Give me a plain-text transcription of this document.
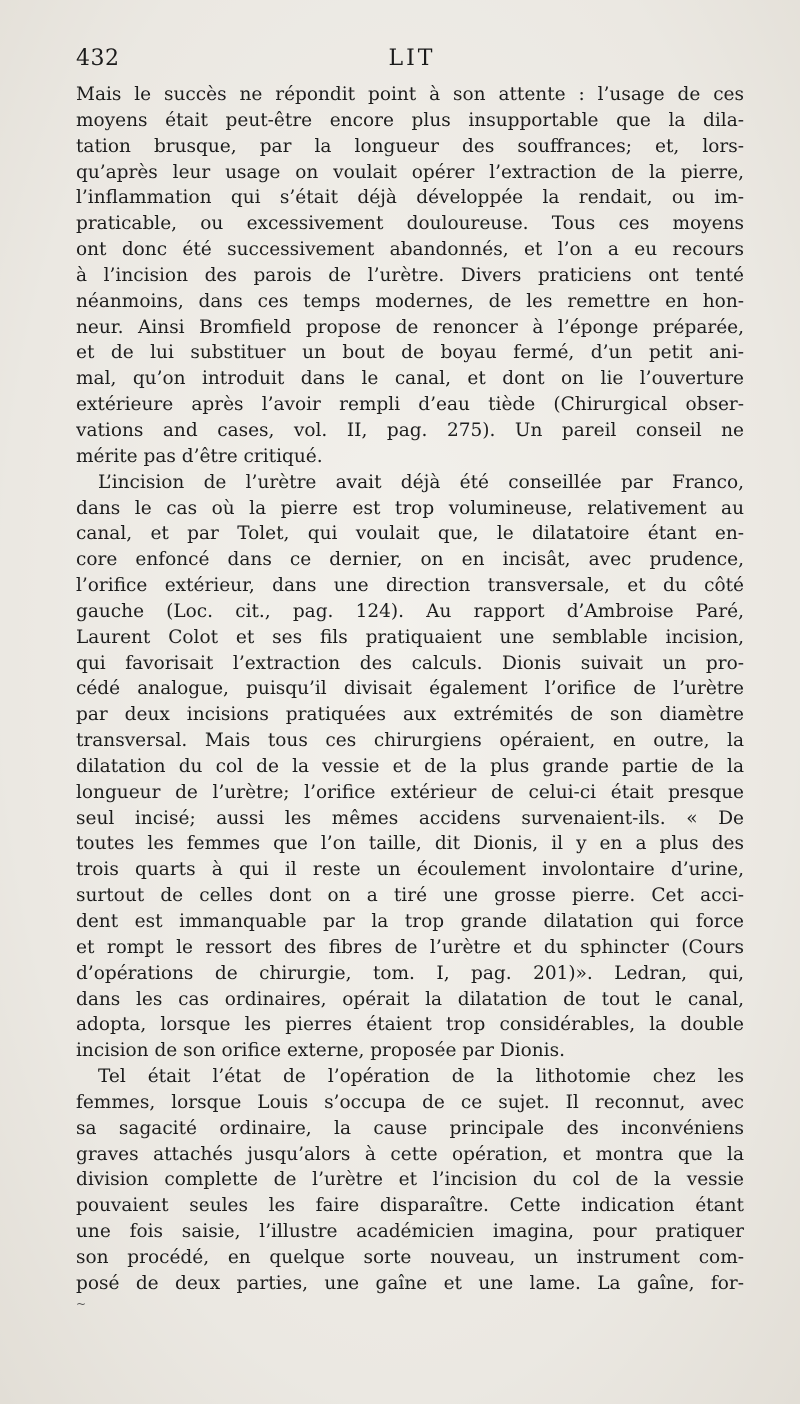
432	LIT
Mais le succès ne répondit point à son attente : l’usage de ces
moyens était peut-être encore plus insupportable que la dila-
tation brusque, par la longueur des souffrances; et, lors-
qu’après leur usage on voulait opérer l’extraction de la pierre,
l’inflammation qui s’était déjà développée la rendait, ou im-
praticable, ou excessivement douloureuse. Tous ces moyens
ont donc été successivement abandonnés, et l’on a eu recours
à l’incision des parois de l’urètre. Divers praticiens ont tenté
néanmoins, dans ces temps modernes, de les remettre en hon-
neur. Ainsi Bromfield propose de renoncer à l’éponge préparée,
et de lui substituer un bout de boyau fermé, d’un petit ani-
mal, qu’on introduit dans le canal, et dont on lie l’ouverture
extérieure après l’avoir rempli d’eau tiède (Chirurgical obser-
vations and cases, vol. II, pag. 275). Un pareil conseil ne
mérite pas d’être critiqué.
L’incision de l’urètre avait déjà été conseillée par Franco,
dans le cas où la pierre est trop volumineuse, relativement au
canal, et par Tolet, qui voulait que, le dilatatoire étant en-
core enfoncé dans ce dernier, on en incisât, avec prudence,
l’orifice extérieur, dans une direction transversale, et du côté
gauche (Loc. cit., pag. 124). Au rapport d’Ambroise Paré,
Laurent Colot et ses fils pratiquaient une semblable incision,
qui favorisait l’extraction des calculs. Dionis suivait un pro-
cédé analogue, puisqu’il divisait également l’orifice de l’urètre
par deux incisions pratiquées aux extrémités de son diamètre
transversal. Mais tous ces chirurgiens opéraient, en outre, la
dilatation du col de la vessie et de la plus grande partie de la
longueur de l’urètre; l’orifice extérieur de celui-ci était presque
seul incisé; aussi les mêmes accidens survenaient-ils. « De
toutes les femmes que l’on taille, dit Dionis, il y en a plus des
trois quarts à qui il reste un écoulement involontaire d’urine,
surtout de celles dont on a tiré une grosse pierre. Cet acci-
dent est immanquable par la trop grande dilatation qui force
et rompt le ressort des fibres de l’urètre et du sphincter (Cours
d’opérations de chirurgie, tom. I, pag. 201)». Ledran, qui,
dans les cas ordinaires, opérait la dilatation de tout le canal,
adopta, lorsque les pierres étaient trop considérables, la double
incision de son orifice externe, proposée par Dionis.
Tel était l’état de l’opération de la lithotomie chez les
femmes, lorsque Louis s’occupa de ce sujet. Il reconnut, avec
sa sagacité ordinaire, la cause principale des inconvéniens
graves attachés jusqu’alors à cette opération, et montra que la
division complette de l’urètre et l’incision du col de la vessie
pouvaient seules les faire disparaître. Cette indication étant
une fois saisie, l’illustre académicien imagina, pour pratiquer
son procédé, en quelque sorte nouveau, un instrument com-
posé de deux parties, une gaîne et une lame. La gaîne, for-
~
